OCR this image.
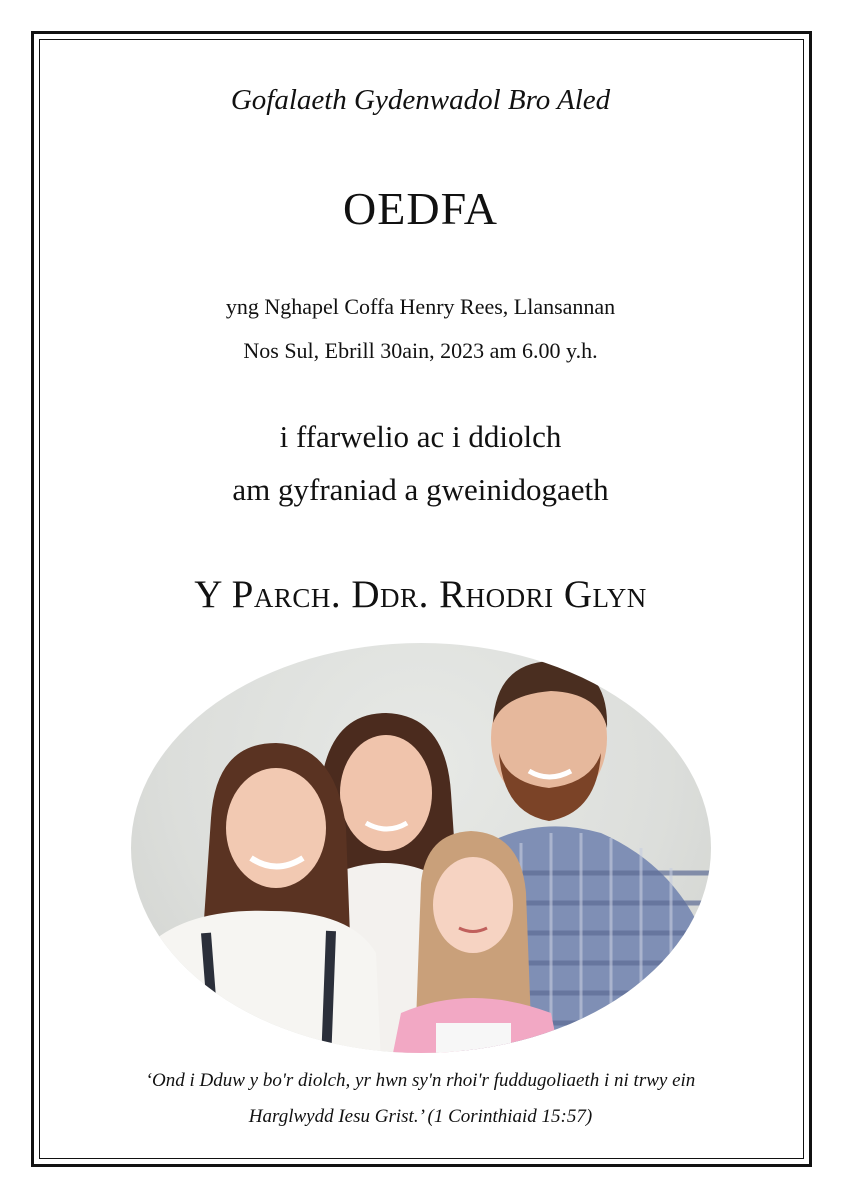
Gofalaeth Gydenwadol Bro Aled
OEDFA
yng Nghapel Coffa Henry Rees, Llansannan
Nos Sul, Ebrill 30ain, 2023 am 6.00 y.h.
i ffarwelio ac i ddiolch
am gyfraniad a gweinidogaeth
Y Parch. Ddr. Rhodri Glyn
‘Ond i Dduw y bo'r diolch, yr hwn sy'n rhoi'r fuddugoliaeth i ni trwy ein
Harglwydd Iesu Grist.’ (1 Corinthiaid 15:57)
